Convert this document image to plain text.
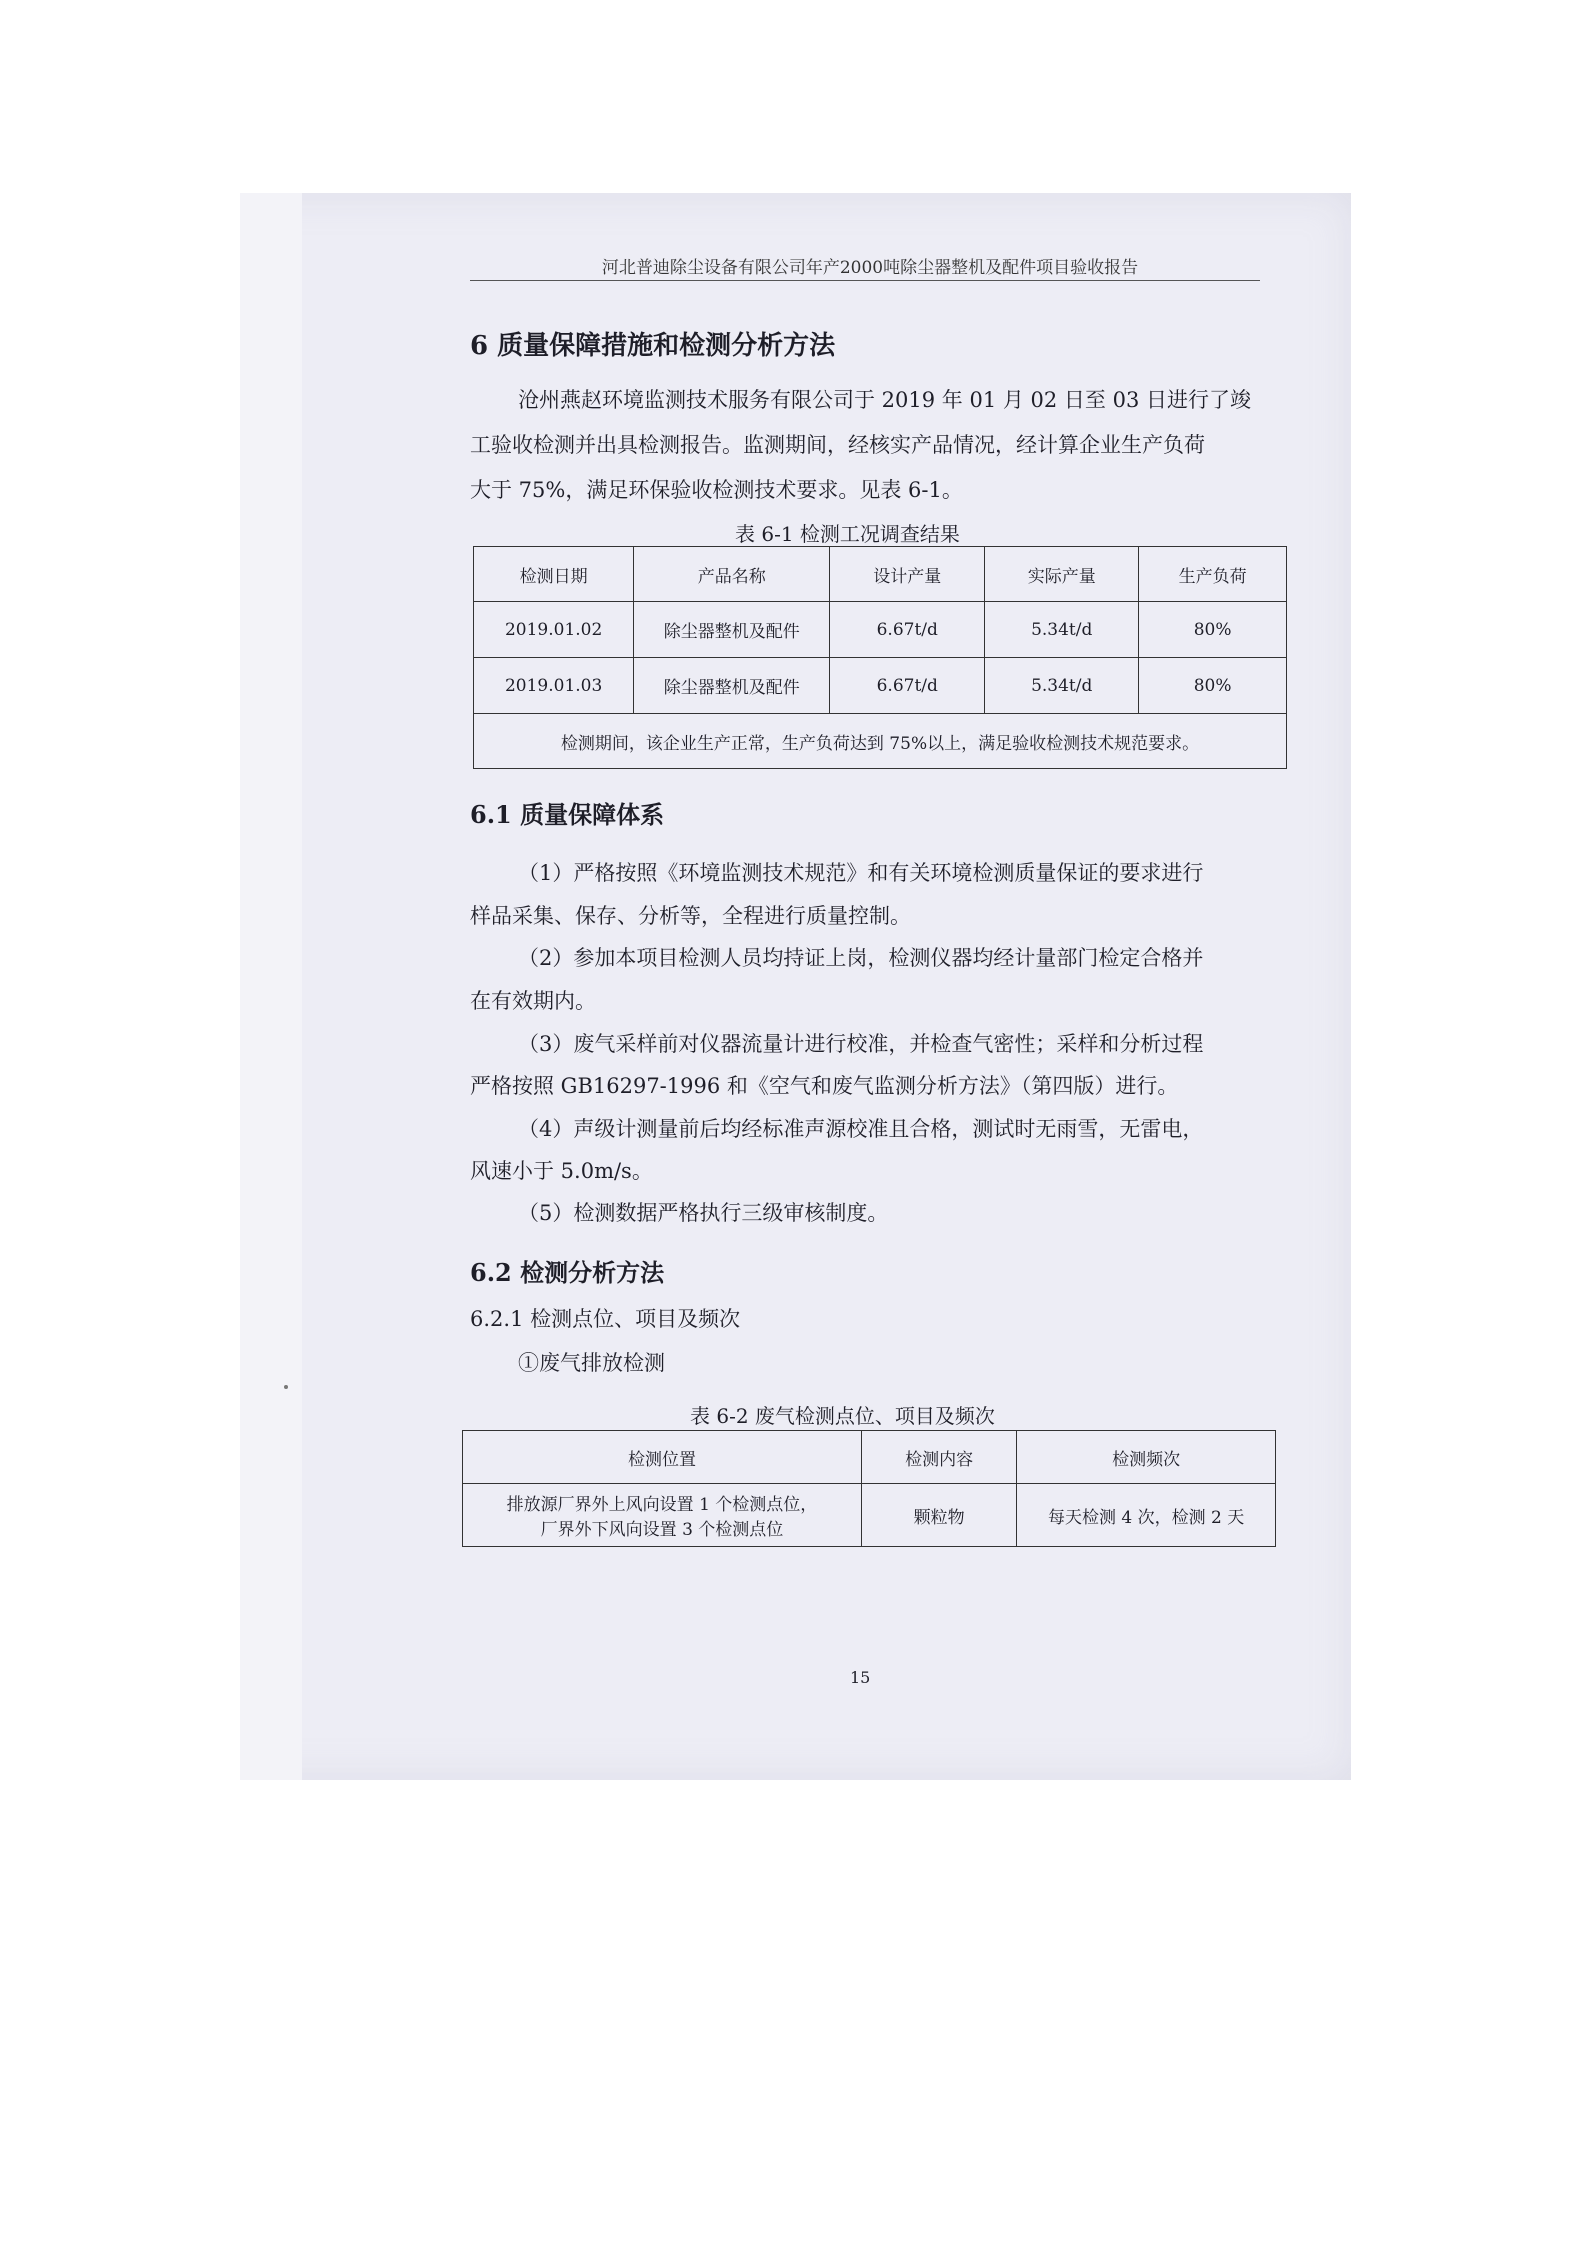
河北普迪除尘设备有限公司年产2000吨除尘器整机及配件项目验收报告
6 质量保障措施和检测分析方法
沧州燕赵环境监测技术服务有限公司于 2019 年 01 月 02 日至 03 日进行了竣
工验收检测并出具检测报告。监测期间，经核实产品情况，经计算企业生产负荷
大于 75%，满足环保验收检测技术要求。见表 6-1。
表 6-1 检测工况调查结果
检测日期	产品名称	设计产量	实际产量	生产负荷
2019.01.02	除尘器整机及配件	6.67t/d	5.34t/d	80%
2019.01.03	除尘器整机及配件	6.67t/d	5.34t/d	80%
检测期间，该企业生产正常，生产负荷达到 75%以上，满足验收检测技术规范要求。				
6.1 质量保障体系
（1）严格按照《环境监测技术规范》和有关环境检测质量保证的要求进行
样品采集、保存、分析等，全程进行质量控制。
（2）参加本项目检测人员均持证上岗，检测仪器均经计量部门检定合格并
在有效期内。
（3）废气采样前对仪器流量计进行校准，并检查气密性；采样和分析过程
严格按照 GB16297-1996 和《空气和废气监测分析方法》（第四版）进行。
（4）声级计测量前后均经标准声源校准且合格，测试时无雨雪，无雷电，
风速小于 5.0m/s。
（5）检测数据严格执行三级审核制度。
6.2 检测分析方法
6.2.1 检测点位、项目及频次
①废气排放检测
表 6-2 废气检测点位、项目及频次
检测位置	检测内容	检测频次

排放源厂界外上风向设置 1 个检测点位，
厂界外下风向设置 3 个检测点位	颗粒物	每天检测 4 次，检测 2 天
15
